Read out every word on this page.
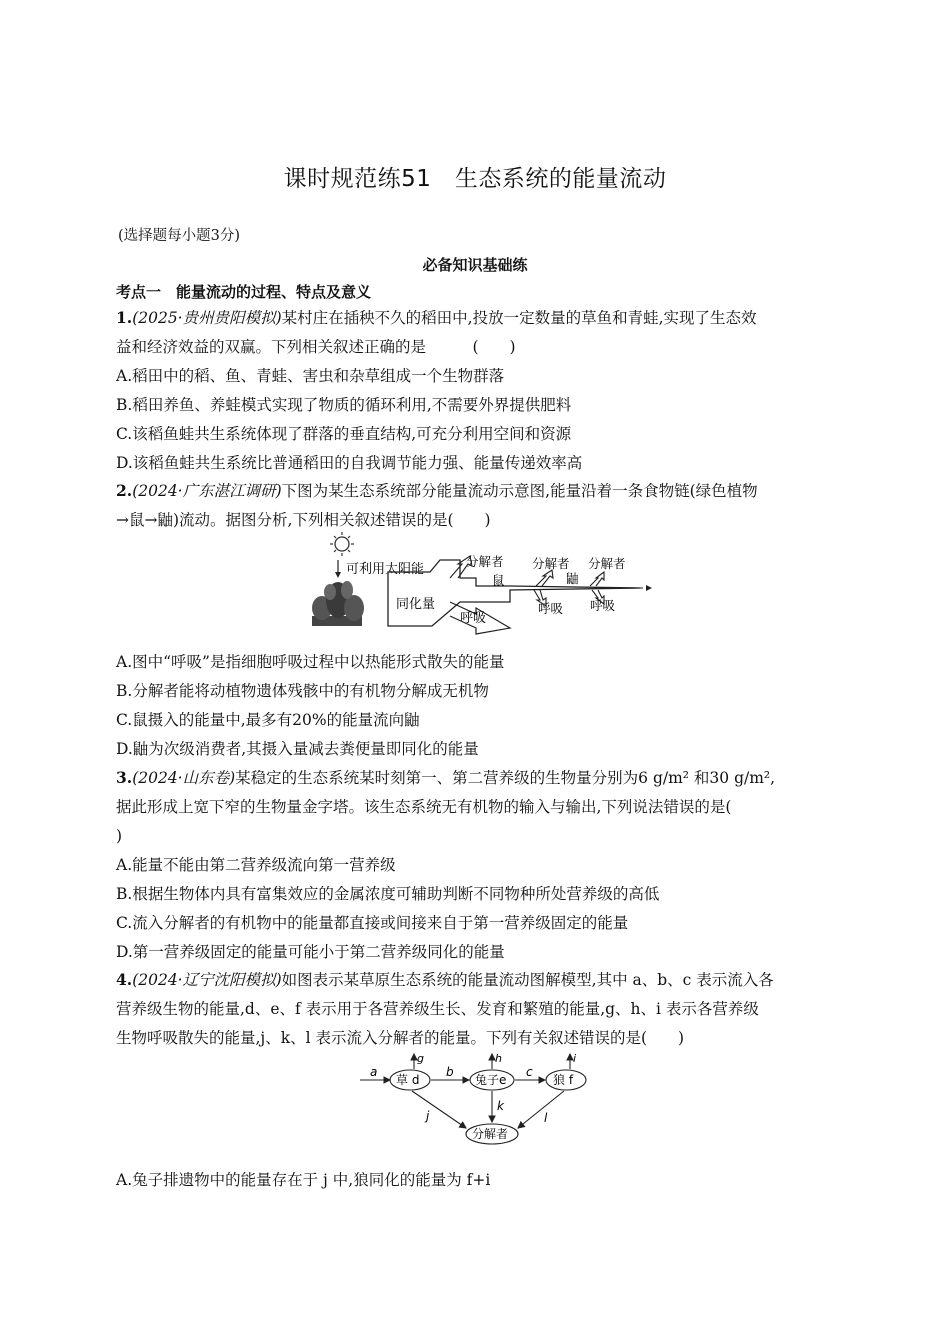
课时规范练51　生态系统的能量流动
(选择题每小题3分)
必备知识基础练
考点一　能量流动的过程、特点及意义
1.(2025·贵州贵阳模拟)某村庄在插秧不久的稻田中,投放一定数量的草鱼和青蛙,实现了生态效
益和经济效益的双赢。下列相关叙述正确的是　　　(　　)
A.稻田中的稻、鱼、青蛙、害虫和杂草组成一个生物群落
B.稻田养鱼、养蛙模式实现了物质的循环利用,不需要外界提供肥料
C.该稻鱼蛙共生系统体现了群落的垂直结构,可充分利用空间和资源
D.该稻鱼蛙共生系统比普通稻田的自我调节能力强、能量传递效率高
2.(2024·广东湛江调研)下图为某生态系统部分能量流动示意图,能量沿着一条食物链(绿色植物
→鼠→鼬)流动。据图分析,下列相关叙述错误的是(　　)
可利用太阳能
同化量
呼吸
分解者
鼠
分解者
鼬
呼吸
分解者
呼吸
A.图中“呼吸”是指细胞呼吸过程中以热能形式散失的能量
B.分解者能将动植物遗体残骸中的有机物分解成无机物
C.鼠摄入的能量中,最多有20%的能量流向鼬
D.鼬为次级消费者,其摄入量减去粪便量即同化的能量
3.(2024·山东卷)某稳定的生态系统某时刻第一、第二营养级的生物量分别为6 g/m² 和30 g/m²,
据此形成上宽下窄的生物量金字塔。该生态系统无有机物的输入与输出,下列说法错误的是(
)
A.能量不能由第二营养级流向第一营养级
B.根据生物体内具有富集效应的金属浓度可辅助判断不同物种所处营养级的高低
C.流入分解者的有机物中的能量都直接或间接来自于第一营养级固定的能量
D.第一营养级固定的能量可能小于第二营养级同化的能量
4.(2024·辽宁沈阳模拟)如图表示某草原生态系统的能量流动图解模型,其中 a、b、c 表示流入各
营养级生物的能量,d、e、f 表示用于各营养级生长、发育和繁殖的能量,g、h、i 表示各营养级
生物呼吸散失的能量,j、k、l 表示流入分解者的能量。下列有关叙述错误的是(　　)
a
草 d
g
b
兔子e
h
c
狼 f
i
分解者
j
k
l
A.兔子排遗物中的能量存在于 j 中,狼同化的能量为 f+i
